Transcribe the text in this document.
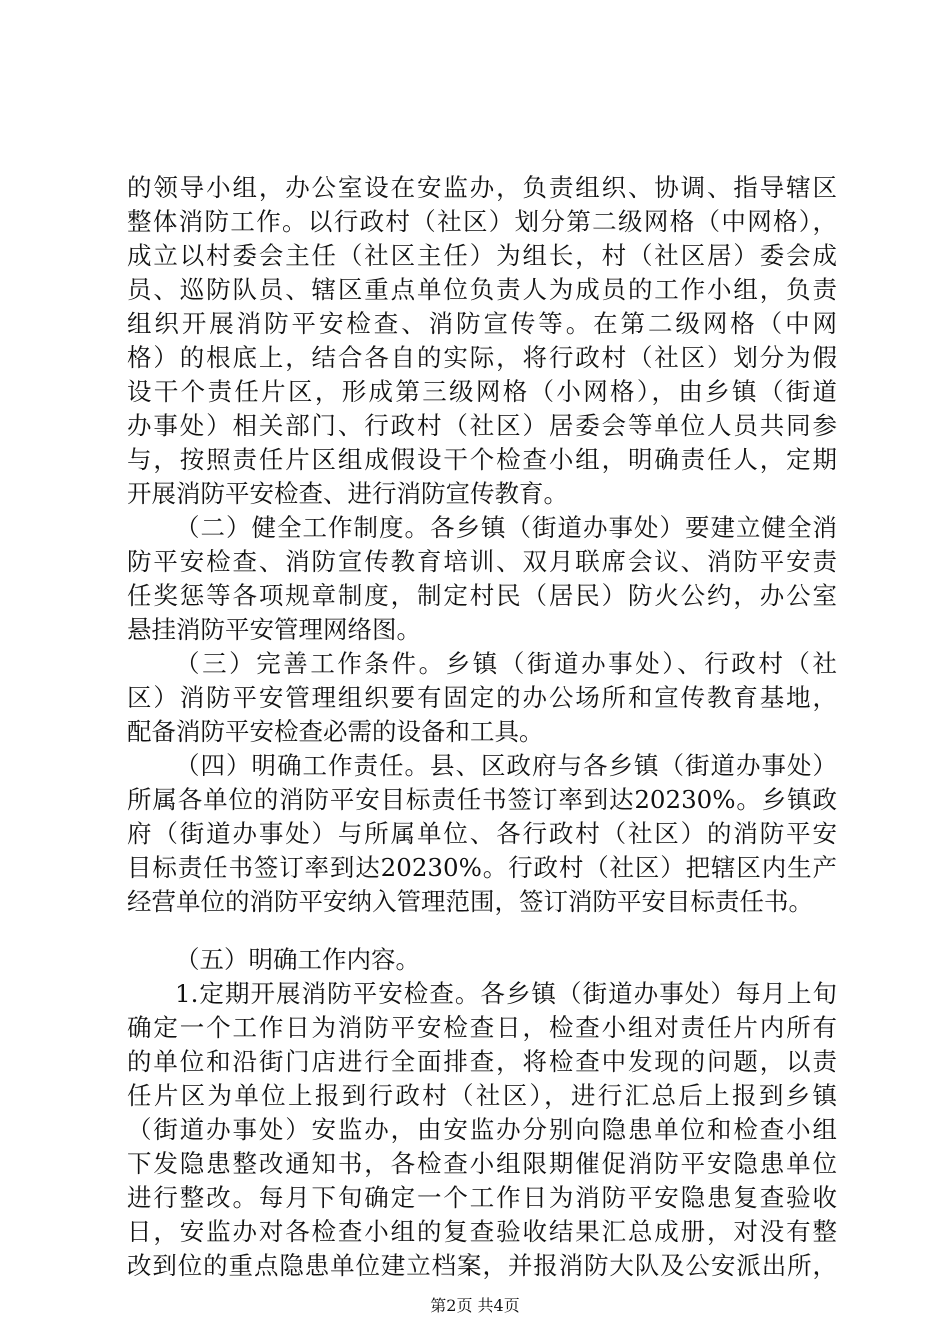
的领导小组，办公室设在安监办，负责组织、协调、指导辖区
整体消防工作。以行政村（社区）划分第二级网格（中网格），
成立以村委会主任（社区主任）为组长，村（社区居）委会成
员、巡防队员、辖区重点单位负责人为成员的工作小组，负责
组织开展消防平安检查、消防宣传等。在第二级网格（中网
格）的根底上，结合各自的实际，将行政村（社区）划分为假
设干个责任片区，形成第三级网格（小网格），由乡镇（街道
办事处）相关部门、行政村（社区）居委会等单位人员共同参
与，按照责任片区组成假设干个检查小组，明确责任人，定期
开展消防平安检查、进行消防宣传教育。
（二）健全工作制度。各乡镇（街道办事处）要建立健全消
防平安检查、消防宣传教育培训、双月联席会议、消防平安责
任奖惩等各项规章制度，制定村民（居民）防火公约，办公室
悬挂消防平安管理网络图。
（三）完善工作条件。乡镇（街道办事处）、行政村（社
区）消防平安管理组织要有固定的办公场所和宣传教育基地，
配备消防平安检查必需的设备和工具。
（四）明确工作责任。县、区政府与各乡镇（街道办事处）
所属各单位的消防平安目标责任书签订率到达20230%。乡镇政
府（街道办事处）与所属单位、各行政村（社区）的消防平安
目标责任书签订率到达20230%。行政村（社区）把辖区内生产
经营单位的消防平安纳入管理范围，签订消防平安目标责任书。
（五）明确工作内容。
1.定期开展消防平安检查。各乡镇（街道办事处）每月上旬
确定一个工作日为消防平安检查日，检查小组对责任片内所有
的单位和沿街门店进行全面排查，将检查中发现的问题，以责
任片区为单位上报到行政村（社区），进行汇总后上报到乡镇
（街道办事处）安监办，由安监办分别向隐患单位和检查小组
下发隐患整改通知书，各检查小组限期催促消防平安隐患单位
进行整改。每月下旬确定一个工作日为消防平安隐患复查验收
日，安监办对各检查小组的复查验收结果汇总成册，对没有整
改到位的重点隐患单位建立档案，并报消防大队及公安派出所，
第2页 共4页
